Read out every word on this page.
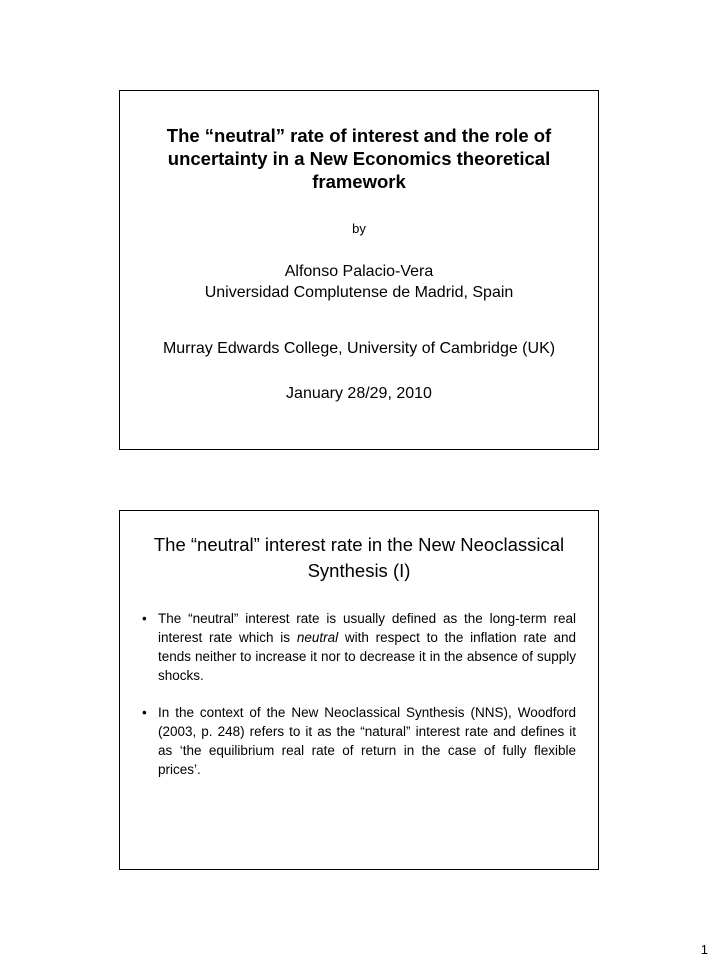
The “neutral” rate of interest and the role of uncertainty in a New Economics theoretical framework
by
Alfonso Palacio-Vera
Universidad Complutense de Madrid, Spain
Murray Edwards College, University of Cambridge (UK)
January 28/29, 2010
The “neutral” interest rate in the New Neoclassical Synthesis (I)
• The “neutral” interest rate is usually defined as the long-term real interest rate which is neutral with respect to the inflation rate and tends neither to increase it nor to decrease it in the absence of supply shocks.
• In the context of the New Neoclassical Synthesis (NNS), Woodford (2003, p. 248) refers to it as the “natural” interest rate and defines it as ‘the equilibrium real rate of return in the case of fully flexible prices’.
1
